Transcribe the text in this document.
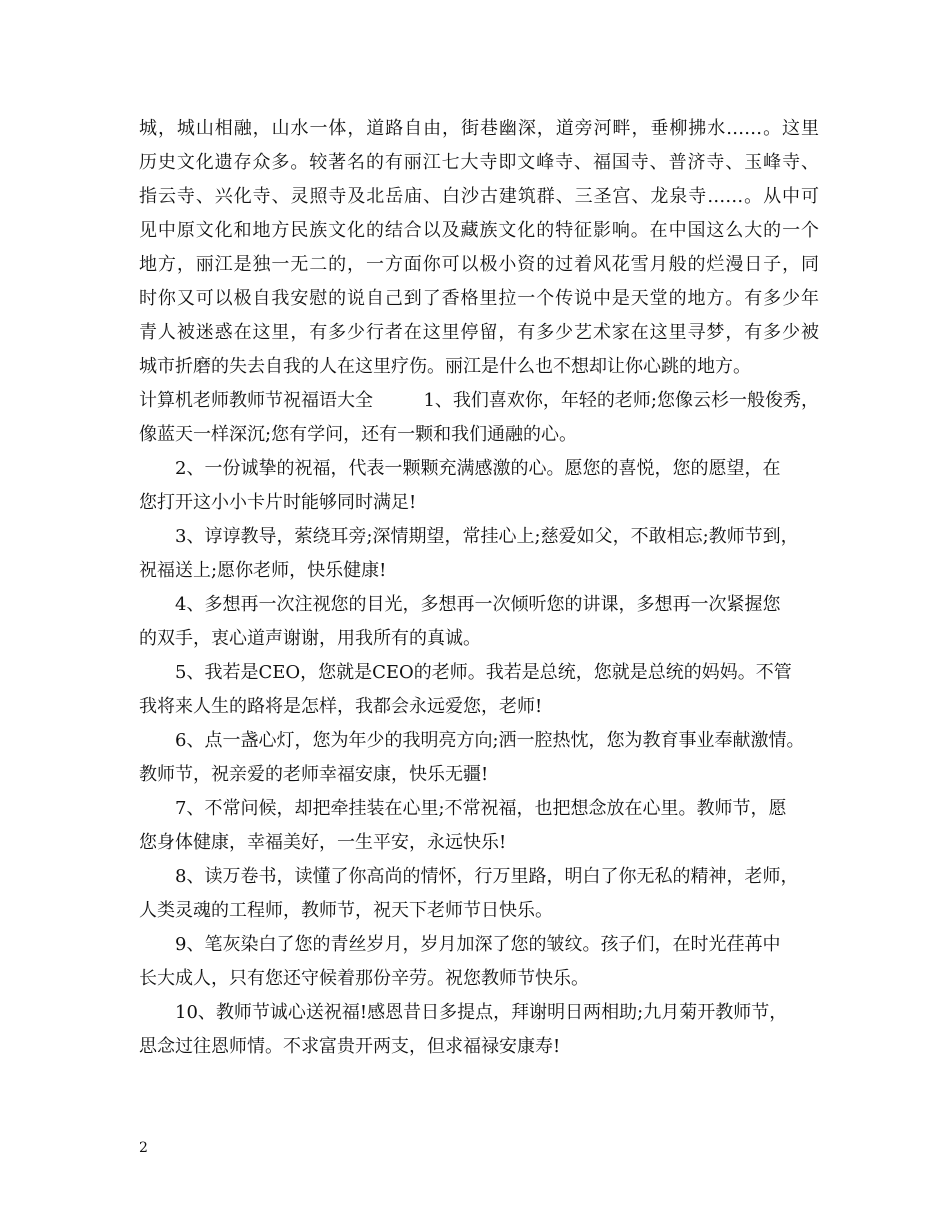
城，城山相融，山水一体，道路自由，街巷幽深，道旁河畔，垂柳拂水……。这里
历史文化遗存众多。较著名的有丽江七大寺即文峰寺、福国寺、普济寺、玉峰寺、
指云寺、兴化寺、灵照寺及北岳庙、白沙古建筑群、三圣宫、龙泉寺……。从中可
见中原文化和地方民族文化的结合以及藏族文化的特征影响。在中国这么大的一个
地方，丽江是独一无二的，一方面你可以极小资的过着风花雪月般的烂漫日子，同
时你又可以极自我安慰的说自己到了香格里拉一个传说中是天堂的地方。有多少年
青人被迷惑在这里，有多少行者在这里停留，有多少艺术家在这里寻梦，有多少被
城市折磨的失去自我的人在这里疗伤。丽江是什么也不想却让你心跳的地方。
计算机老师教师节祝福语大全	1、我们喜欢你，年轻的老师;您像云杉一般俊秀，
像蓝天一样深沉;您有学问，还有一颗和我们通融的心。
2、一份诚挚的祝福，代表一颗颗充满感激的心。愿您的喜悦，您的愿望，在
您打开这小小卡片时能够同时满足!
3、谆谆教导，萦绕耳旁;深情期望，常挂心上;慈爱如父，不敢相忘;教师节到，
祝福送上;愿你老师，快乐健康!
4、多想再一次注视您的目光，多想再一次倾听您的讲课，多想再一次紧握您
的双手，衷心道声谢谢，用我所有的真诚。
5、我若是CEO，您就是CEO的老师。我若是总统，您就是总统的妈妈。不管
我将来人生的路将是怎样，我都会永远爱您，老师!
6、点一盏心灯，您为年少的我明亮方向;洒一腔热忱，您为教育事业奉献激情。
教师节，祝亲爱的老师幸福安康，快乐无疆!
7、不常问候，却把牵挂装在心里;不常祝福，也把想念放在心里。教师节，愿
您身体健康，幸福美好，一生平安，永远快乐!
8、读万卷书，读懂了你高尚的情怀，行万里路，明白了你无私的精神，老师，
人类灵魂的工程师，教师节，祝天下老师节日快乐。
9、笔灰染白了您的青丝岁月，岁月加深了您的皱纹。孩子们，在时光荏苒中
长大成人，只有您还守候着那份辛劳。祝您教师节快乐。
10、教师节诚心送祝福!感恩昔日多提点，拜谢明日两相助;九月菊开教师节，
思念过往恩师情。不求富贵开两支，但求福禄安康寿!
2
